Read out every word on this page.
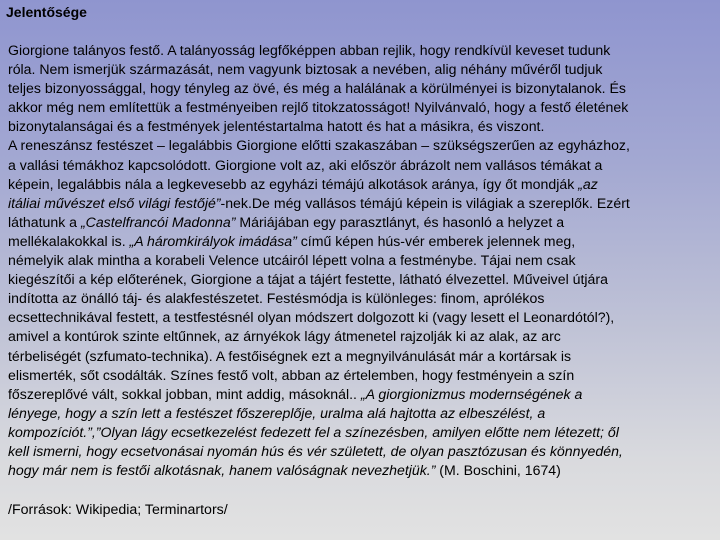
Jelentősége
Giorgione talányos festő. A talányosság legfőképpen abban rejlik, hogy rendkívül keveset tudunk
róla. Nem ismerjük származását, nem vagyunk biztosak a nevében, alig néhány művéről tudjuk
teljes bizonyossággal, hogy tényleg az övé, és még a halálának a körülményei is bizonytalanok. És
akkor még nem említettük a festményeiben rejlő titokzatosságot! Nyilvánvaló, hogy a festő életének
bizonytalanságai és a festmények jelentéstartalma hatott és hat a másikra, és viszont.
A reneszánsz festészet – legalábbis Giorgione előtti szakaszában – szükségszerűen az egyházhoz,
a vallási témákhoz kapcsolódott. Giorgione volt az, aki először ábrázolt nem vallásos témákat a
képein, legalábbis nála a legkevesebb az egyházi témájú alkotások aránya, így őt mondják „az
itáliai művészet első világi festőjé”-nek.De még vallásos témájú képein is világiak a szereplők. Ezért
láthatunk a „Castelfrancói Madonna” Máriájában egy parasztlányt, és hasonló a helyzet a
mellékalakokkal is. „A háromkirályok imádása” című képen hús-vér emberek jelennek meg,
némelyik alak mintha a korabeli Velence utcáiról lépett volna a festménybe. Tájai nem csak
kiegészítői a kép előterének, Giorgione a tájat a tájért festette, látható élvezettel. Műveivel útjára
indította az önálló táj- és alakfestészetet. Festésmódja is különleges: finom, aprólékos
ecsettechnikával festett, a testfestésnél olyan módszert dolgozott ki (vagy lesett el Leonardótól?),
amivel a kontúrok szinte eltűnnek, az árnyékok lágy átmenetel rajzolják ki az alak, az arc
térbeliségét (szfumato-technika). A festőiségnek ezt a megnyilvánulását már a kortársak is
elismerték, sőt csodálták. Színes festő volt, abban az értelemben, hogy festményein a szín
főszereplővé vált, sokkal jobban, mint addig, másoknál.. „A giorgionizmus modernségének a
lényege, hogy a szín lett a festészet főszereplője, uralma alá hajtotta az elbeszélést, a
kompozíciót.”,”Olyan lágy ecsetkezelést fedezett fel a színezésben, amilyen előtte nem létezett; ől
kell ismerni, hogy ecsetvonásai nyomán hús és vér született, de olyan pasztózusan és könnyedén,
hogy már nem is festői alkotásnak, hanem valóságnak nevezhetjük.” (M. Boschini, 1674)
/Források: Wikipedia; Terminartors/
